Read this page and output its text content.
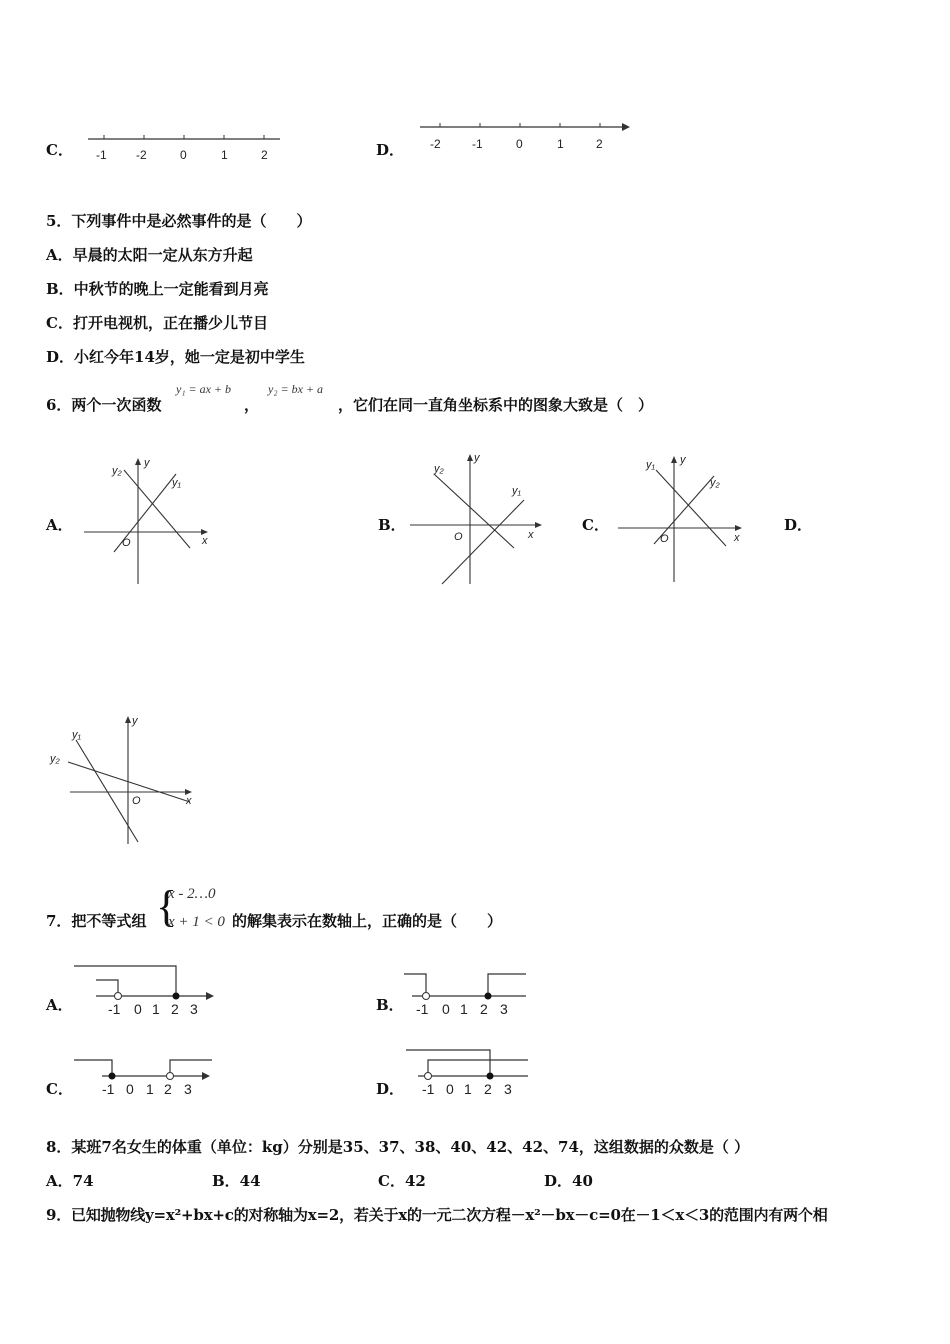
C． -1 -2	0	1	2	D． -2	-1	0	1	2
5．下列事件中是必然事件的是（　　）
A．早晨的太阳一定从东方升起
B．中秋节的晚上一定能看到月亮
C．打开电视机，正在播少儿节目
D．小红今年14岁，她一定是初中学生
6．两个一次函数
y₁ = ax + b
，
y₂ = bx + a
，它们在同一直角坐标系中的图象大致是（　）
A．
y
x
O
y₂
y₁
B．
y
x
O
y₂
y₁
C．
y
x
O
y₁
y₂
D．
y
x
O
y₁
y₂
7．把不等式组 {
x - 2…0
x + 1 < 0 的解集表示在数轴上，正确的是（　　）
A．	-1 0 1 2 3	B． -1 0 1 2 3
C． -1 0 1 2 3	D． -1 0 1 2 3
8．某班7名女生的体重（单位：kg）分别是35、37、38、40、42、42、74，这组数据的众数是（ ）
A．74	B．44	C．42	D．40
9．已知抛物线y=x²+bx+c的对称轴为x=2，若关于x的一元二次方程－x²－bx－c=0在－1＜x＜3的范围内有两个相
